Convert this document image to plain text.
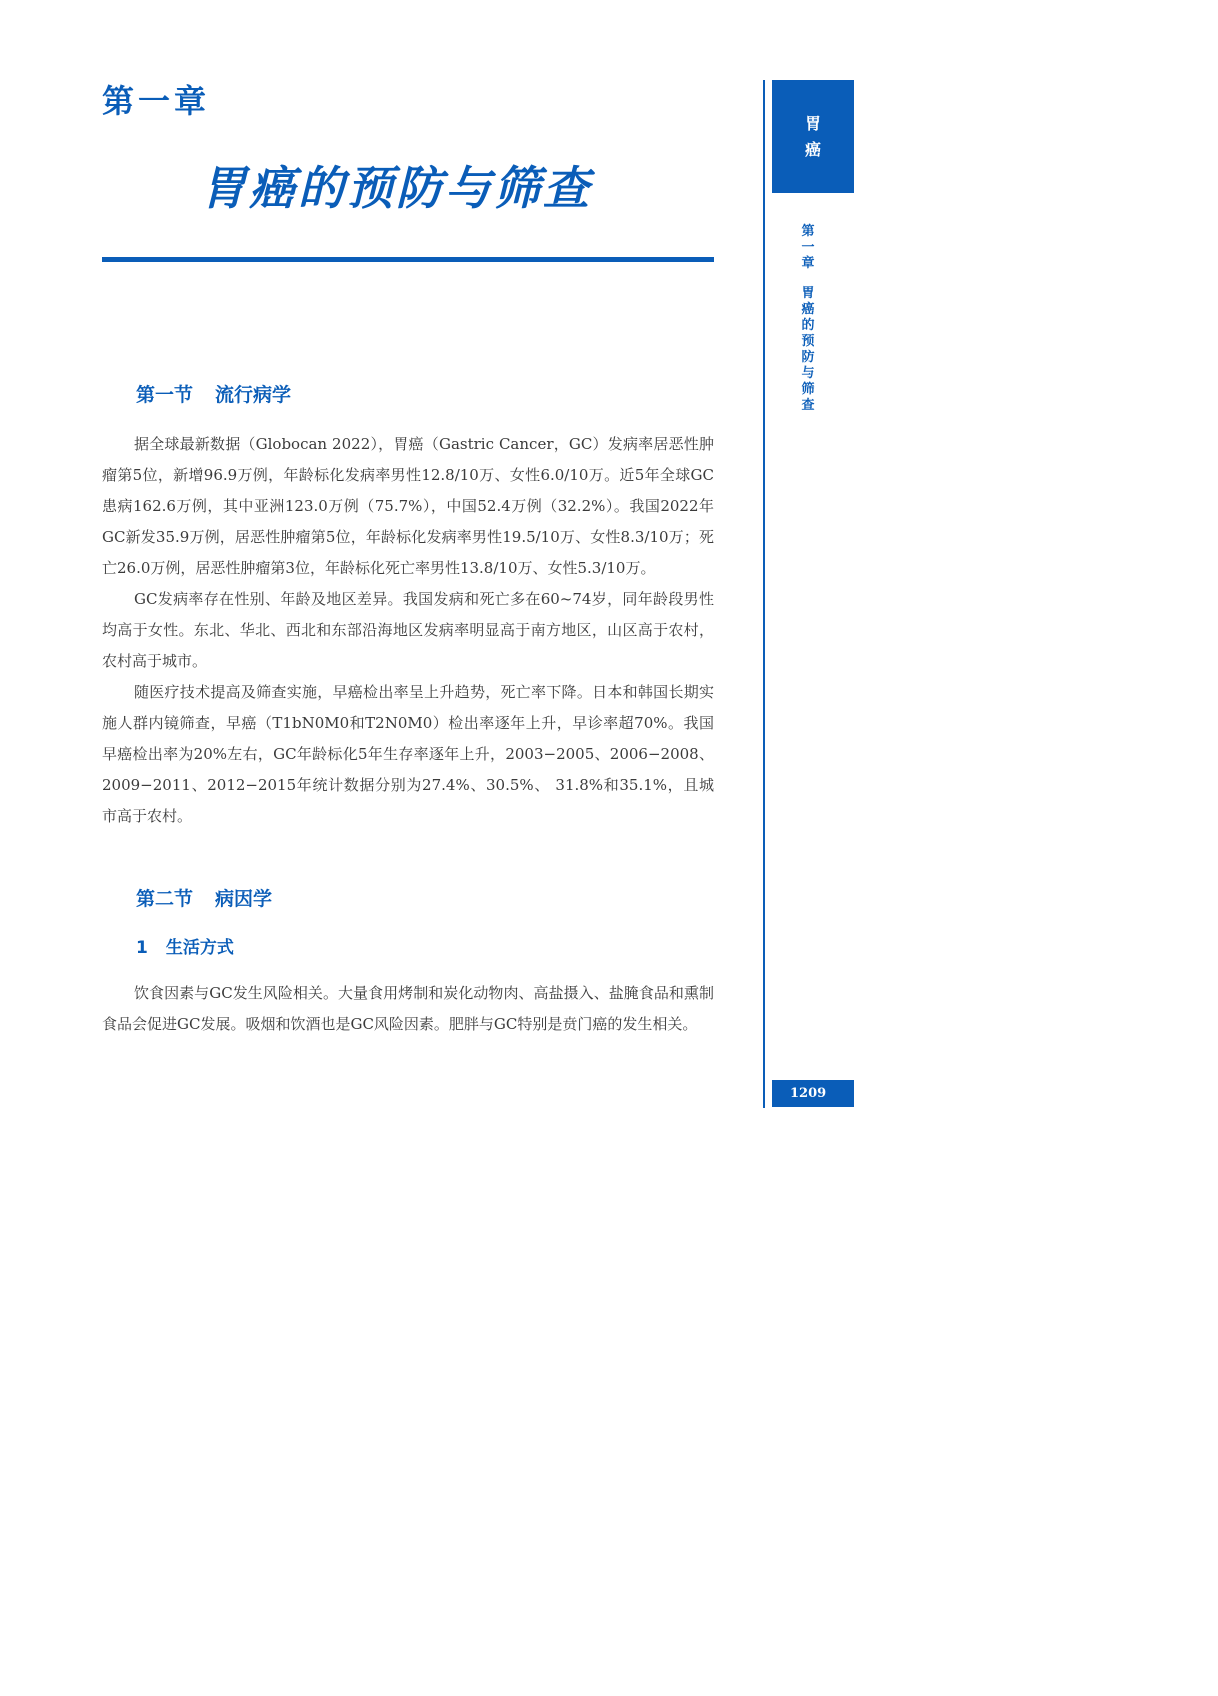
第一章
胃癌的预防与筛查
第一节 流行病学

据全球最新数据（Globocan 2022），胃癌（Gastric Cancer，GC）发病率居恶性肿瘤第5位，新增96.9万例，年龄标化发病率男性12.8/10万、女性6.0/10万。近5年全球GC患病162.6万例，其中亚洲123.0万例（75.7%），中国52.4万例（32.2%）。我国2022年GC新发35.9万例，居恶性肿瘤第5位，年龄标化发病率男性19.5/10万、女性8.3/10万；死亡26.0万例，居恶性肿瘤第3位，年龄标化死亡率男性13.8/10万、女性5.3/10万。

GC发病率存在性别、年龄及地区差异。我国发病和死亡多在60~74岁，同年龄段男性均高于女性。东北、华北、西北和东部沿海地区发病率明显高于南方地区，山区高于农村，农村高于城市。

随医疗技术提高及筛查实施，早癌检出率呈上升趋势，死亡率下降。日本和韩国长期实施人群内镜筛查，早癌（T1bN0M0和T2N0M0）检出率逐年上升，早诊率超70%。我国早癌检出率为20%左右，GC年龄标化5年生存率逐年上升，2003−2005、2006−2008、2009−2011、2012−2015年统计数据分别为27.4%、30.5%、 31.8%和35.1%，且城市高于农村。

第二节 病因学
1 生活方式

饮食因素与GC发生风险相关。大量食用烤制和炭化动物肉、高盐摄入、盐腌食品和熏制食品会促进GC发展。吸烟和饮酒也是GC风险因素。肥胖与GC特别是贲门癌的发生相关。

胃癌
第一章
胃癌的预防与筛查
1209
